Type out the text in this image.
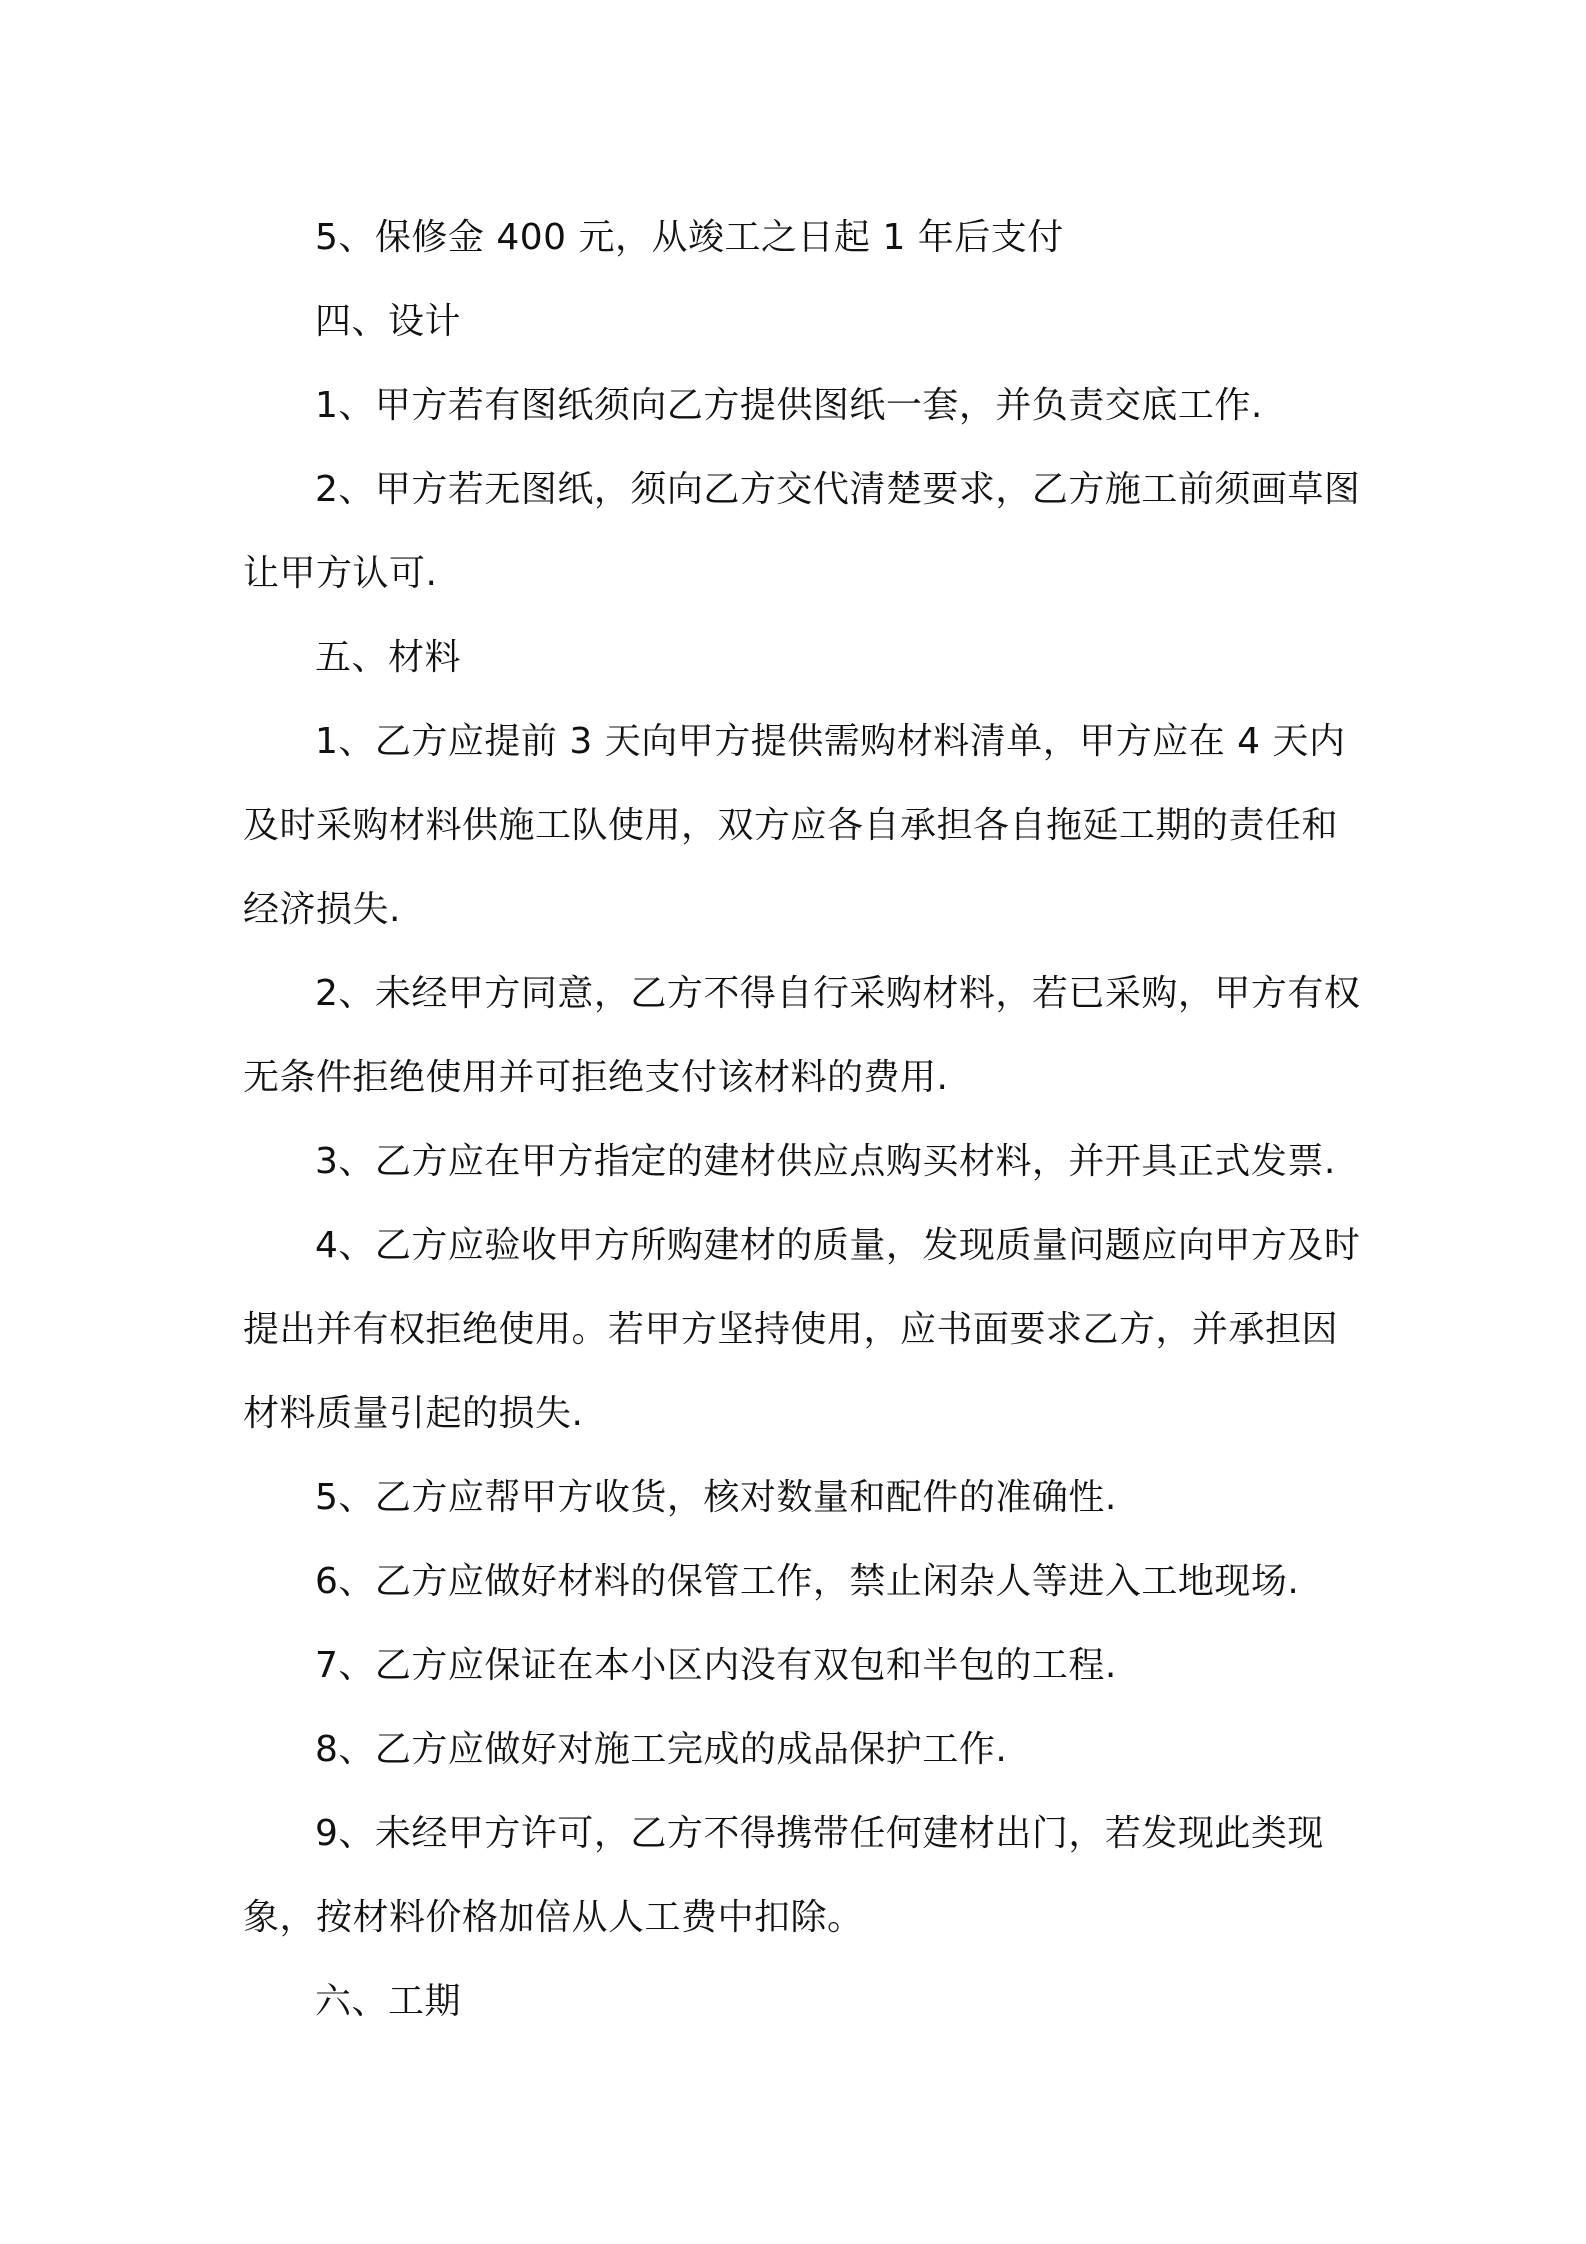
5、保修金 400 元，从竣工之日起 1 年后支付

四、设计

1、甲方若有图纸须向乙方提供图纸一套，并负责交底工作.

2、甲方若无图纸，须向乙方交代清楚要求，乙方施工前须画草图让甲方认可.

五、材料

1、乙方应提前 3 天向甲方提供需购材料清单，甲方应在 4 天内及时采购材料供施工队使用，双方应各自承担各自拖延工期的责任和经济损失.

2、未经甲方同意，乙方不得自行采购材料，若已采购，甲方有权无条件拒绝使用并可拒绝支付该材料的费用.

3、乙方应在甲方指定的建材供应点购买材料，并开具正式发票.

4、乙方应验收甲方所购建材的质量，发现质量问题应向甲方及时提出并有权拒绝使用。若甲方坚持使用，应书面要求乙方，并承担因材料质量引起的损失.

5、乙方应帮甲方收货，核对数量和配件的准确性.

6、乙方应做好材料的保管工作，禁止闲杂人等进入工地现场.

7、乙方应保证在本小区内没有双包和半包的工程.

8、乙方应做好对施工完成的成品保护工作.

9、未经甲方许可，乙方不得携带任何建材出门，若发现此类现象，按材料价格加倍从人工费中扣除。

六、工期
